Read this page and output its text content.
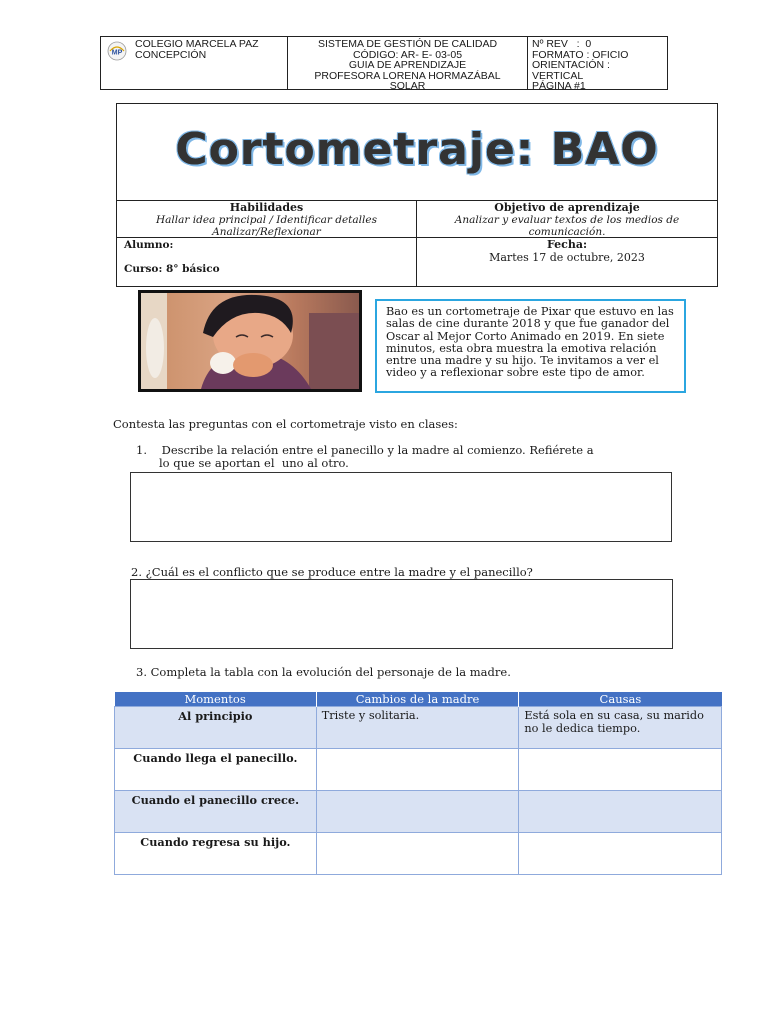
MP
COLEGIO MARCELA PAZ
CONCEPCIÓN
SISTEMA DE GESTIÓN DE CALIDAD
CÓDIGO: AR- E- 03-05
GUIA DE APRENDIZAJE
PROFESORA LORENA HORMAZÁBAL
SOLAR
Nº REV   :  0
FORMATO : OFICIO
ORIENTACIÓN :
VERTICAL
PÁGINA #1
Cortometraje: BAO
Habilidades
Hallar idea principal / Identificar detalles
Analizar/Reflexionar
Objetivo de aprendizaje
Analizar y evaluar textos de los medios de
comunicación.
Alumno:
Curso: 8° básico
Fecha:
Martes 17 de octubre, 2023
Bao es un cortometraje de Pixar que estuvo en las salas de cine durante 2018 y que fue ganador del Oscar al Mejor Corto Animado en 2019. En siete minutos, esta obra muestra la emotiva relación entre una madre y su hijo. Te invitamos a ver el video y a reflexionar sobre este tipo de amor.
Contesta las preguntas con el cortometraje visto en clases:
1.    Describe la relación entre el panecillo y la madre al comienzo. Refiérete a
lo que se aportan el  uno al otro.
2. ¿Cuál es el conflicto que se produce entre la madre y el panecillo?
3. Completa la tabla con la evolución del personaje de la madre.
Momentos	Cambios de la madre	Causas
Al principio	Triste y solitaria.	Está sola en su casa, su marido no le dedica tiempo.
Cuando llega el panecillo.		
Cuando el panecillo crece.		
Cuando regresa su hijo.		
